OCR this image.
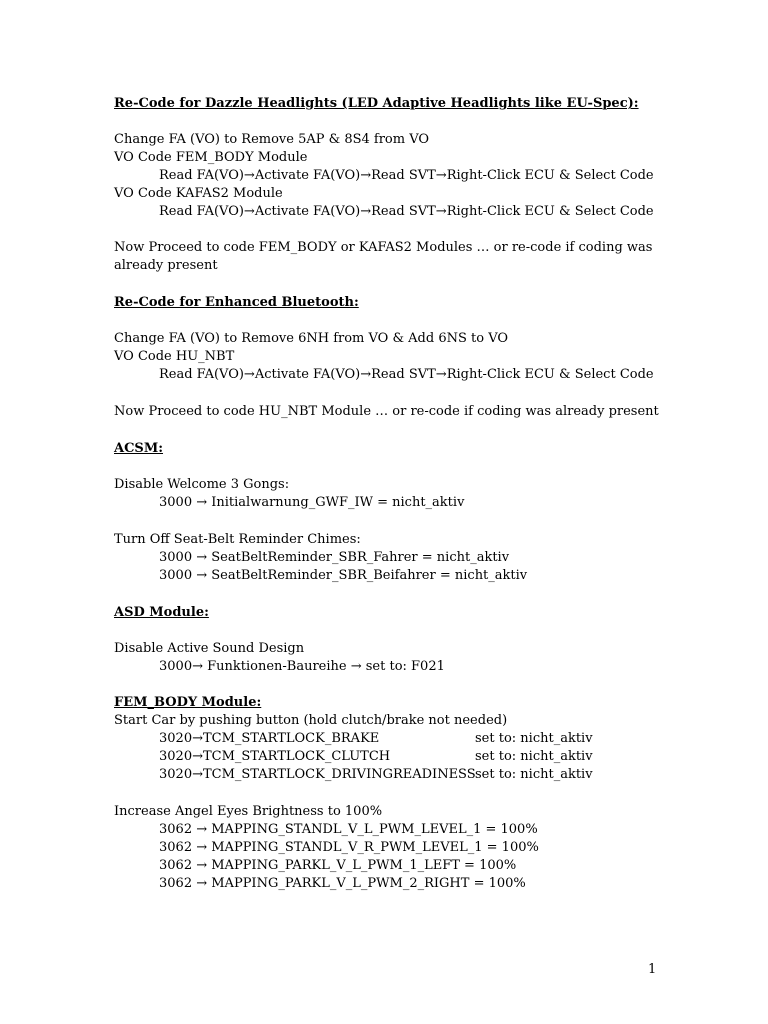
Re-Code for Dazzle Headlights (LED Adaptive Headlights like EU-Spec):
Change FA (VO) to Remove 5AP & 8S4 from VO
VO Code FEM_BODY Module
Read FA(VO)→Activate FA(VO)→Read SVT→Right-Click ECU & Select Code
VO Code KAFAS2 Module
Read FA(VO)→Activate FA(VO)→Read SVT→Right-Click ECU & Select Code
Now Proceed to code FEM_BODY or KAFAS2 Modules … or re-code if coding was
already present
Re-Code for Enhanced Bluetooth:
Change FA (VO) to Remove 6NH from VO & Add 6NS to VO
VO Code HU_NBT
Read FA(VO)→Activate FA(VO)→Read SVT→Right-Click ECU & Select Code
Now Proceed to code HU_NBT Module … or re-code if coding was already present
ACSM:
Disable Welcome 3 Gongs:
3000 → Initialwarnung_GWF_IW = nicht_aktiv
Turn Off Seat-Belt Reminder Chimes:
3000 → SeatBeltReminder_SBR_Fahrer = nicht_aktiv
3000 → SeatBeltReminder_SBR_Beifahrer = nicht_aktiv
ASD Module:
Disable Active Sound Design
3000→ Funktionen-Baureihe → set to: F021
FEM_BODY Module:
Start Car by pushing button (hold clutch/brake not needed)
3020→TCM_STARTLOCK_BRAKE	set to: nicht_aktiv
3020→TCM_STARTLOCK_CLUTCH	set to: nicht_aktiv
3020→TCM_STARTLOCK_DRIVINGREADINESS set to: nicht_aktiv
Increase Angel Eyes Brightness to 100%
3062 → MAPPING_STANDL_V_L_PWM_LEVEL_1 = 100%
3062 → MAPPING_STANDL_V_R_PWM_LEVEL_1 = 100%
3062 → MAPPING_PARKL_V_L_PWM_1_LEFT = 100%
3062 → MAPPING_PARKL_V_L_PWM_2_RIGHT = 100%
1
